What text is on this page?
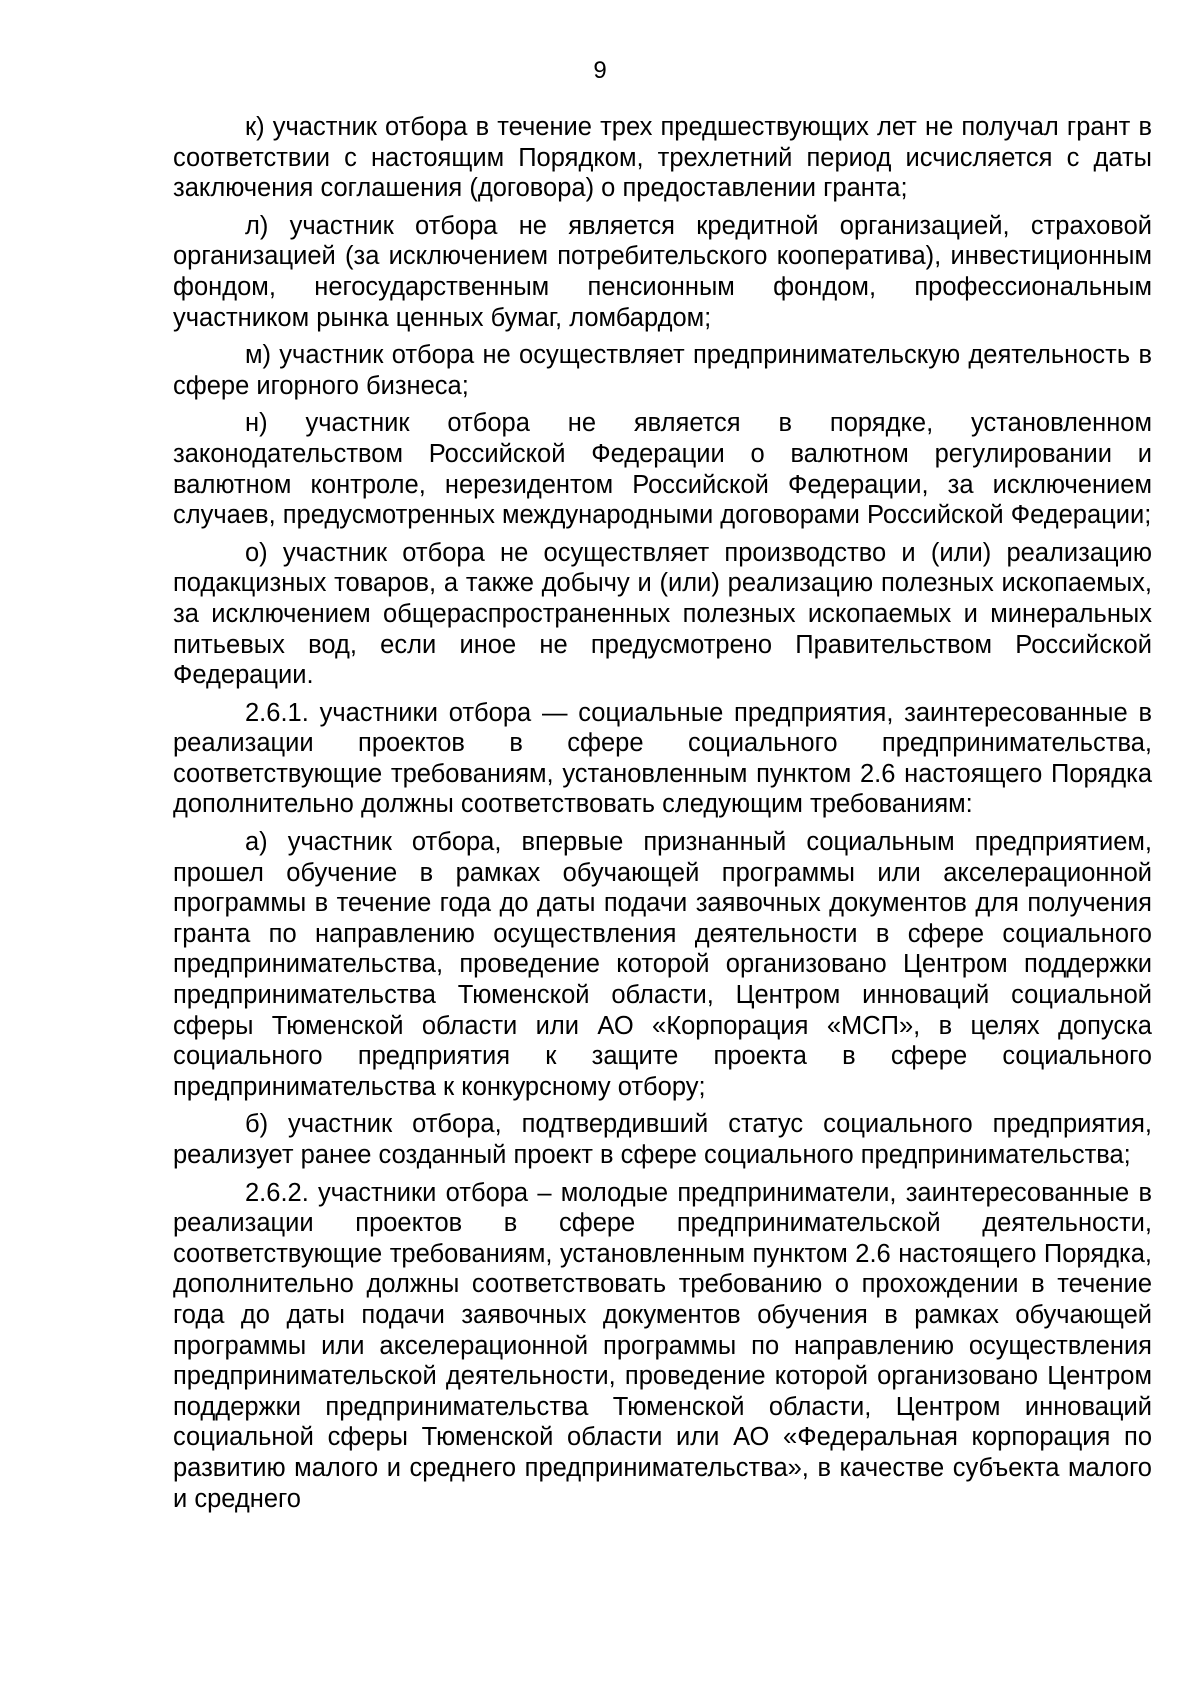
9

к) участник отбора в течение трех предшествующих лет не получал грант в соответствии с настоящим Порядком, трехлетний период исчисляется с даты заключения соглашения (договора) о предоставлении гранта;

л) участник отбора не является кредитной организацией, страховой организацией (за исключением потребительского кооператива), инвестиционным фондом, негосударственным пенсионным фондом, профессиональным участником рынка ценных бумаг, ломбардом;

м) участник отбора не осуществляет предпринимательскую деятельность в сфере игорного бизнеса;

н) участник отбора не является в порядке, установленном законодательством Российской Федерации о валютном регулировании и валютном контроле, нерезидентом Российской Федерации, за исключением случаев, предусмотренных международными договорами Российской Федерации;

о) участник отбора не осуществляет производство и (или) реализацию подакцизных товаров, а также добычу и (или) реализацию полезных ископаемых, за исключением общераспространенных полезных ископаемых и минеральных питьевых вод, если иное не предусмотрено Правительством Российской Федерации.

2.6.1. участники отбора — социальные предприятия, заинтересованные в реализации проектов в сфере социального предпринимательства, соответствующие требованиям, установленным пунктом 2.6 настоящего Порядка дополнительно должны соответствовать следующим требованиям:

а) участник отбора, впервые признанный социальным предприятием, прошел обучение в рамках обучающей программы или акселерационной программы в течение года до даты подачи заявочных документов для получения гранта по направлению осуществления деятельности в сфере социального предпринимательства, проведение которой организовано Центром поддержки предпринимательства Тюменской области, Центром инноваций социальной сферы Тюменской области или АО «Корпорация «МСП», в целях допуска социального предприятия к защите проекта в сфере социального предпринимательства к конкурсному отбору;

б) участник отбора, подтвердивший статус социального предприятия, реализует ранее созданный проект в сфере социального предпринимательства;

2.6.2. участники отбора – молодые предприниматели, заинтересованные в реализации проектов в сфере предпринимательской деятельности, соответствующие требованиям, установленным пунктом 2.6 настоящего Порядка, дополнительно должны соответствовать требованию о прохождении в течение года до даты подачи заявочных документов обучения в рамках обучающей программы или акселерационной программы по направлению осуществления предпринимательской деятельности, проведение которой организовано Центром поддержки предпринимательства Тюменской области, Центром инноваций социальной сферы Тюменской области или АО «Федеральная корпорация по развитию малого и среднего предпринимательства», в качестве субъекта малого и среднего
